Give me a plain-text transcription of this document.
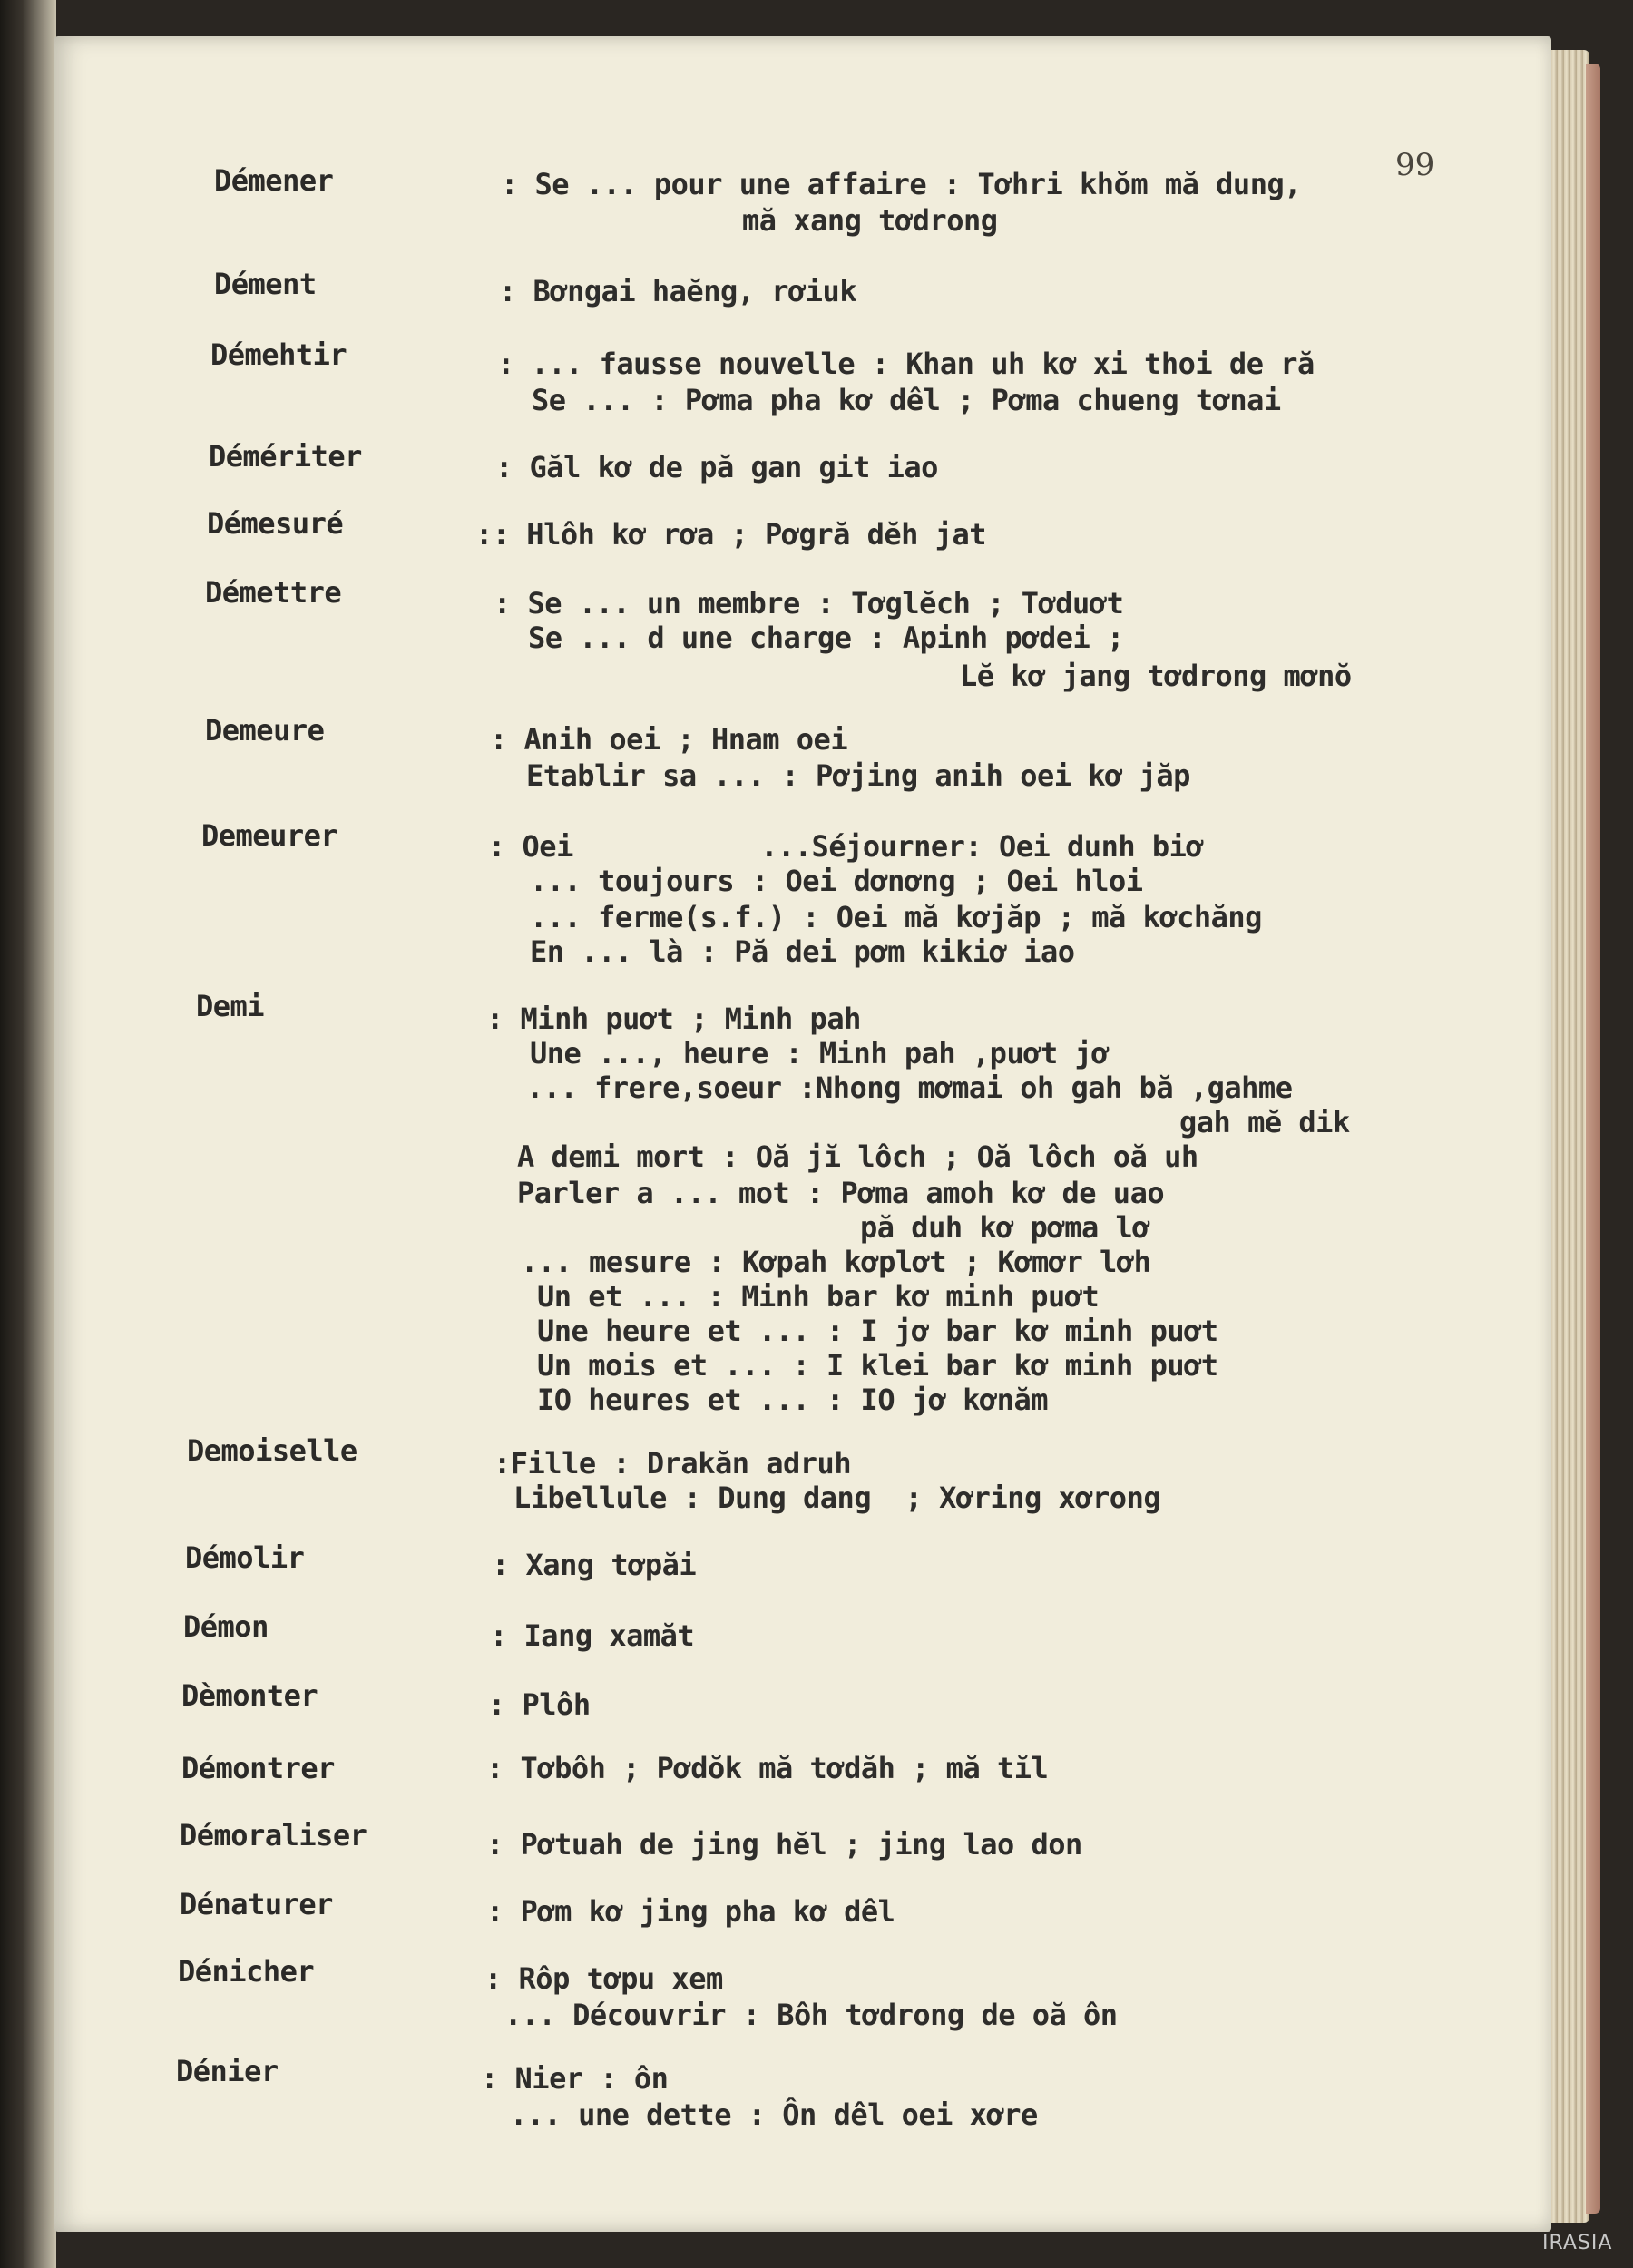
99
Démener	: Se ... pour une affaire : Tơhri khŏm mă dung,
mă xang tơdrong
Dément	: Bơngai haĕng, rơiuk
Démehtir	: ... fausse nouvelle : Khan uh kơ xi thoi de ră
Se ... : Pơma pha kơ dêl ; Pơma chueng tơnai
Démériter	: Găl kơ de pă gan git iao
Démesuré	:: Hlôh kơ rơa ; Pơgră dĕh jat
Démettre	: Se ... un membre : Tơglĕch ; Tơduơt
Se ... d une charge : Apinh pơdei ;
Lĕ kơ jang tơdrong mơnŏ
Demeure	: Anih oei ; Hnam oei
Etablir sa ... : Pơjing anih oei kơ jăp
Demeurer	: Oei           ...Séjourner: Oei dunh biơ
... toujours : Oei dơnơng ; Oei hloi
... ferme(s.f.) : Oei mă kơjăp ; mă kơchăng
En ... là : Pă dei pơm kikiơ iao
Demi	: Minh puơt ; Minh pah
Une ..., heure : Minh pah ,puơt jơ
... frere,soeur :Nhong mơmai oh gah bă ,gahme
gah mĕ dik
A demi mort : Oă jĭ lôch ; Oă lôch oă uh
Parler a ... mot : Pơma amoh kơ de uao
pă duh kơ pơma lơ
... mesure : Kơpah kơplơt ; Kơmơr lơh
Un et ... : Minh bar kơ minh puơt
Une heure et ... : I jơ bar kơ minh puơt
Un mois et ... : I klei bar kơ minh puơt
IO heures et ... : IO jơ kơnăm
Demoiselle	:Fille : Drakăn adruh
Libellule : Dung dang  ; Xơring xơrong
Démolir	: Xang tơpăi
Démon	: Iang xamăt
Dèmonter	: Plôh
Démontrer	: Tơbôh ; Pơdŏk mă tơdăh ; mă tĭl
Démoraliser	: Pơtuah de jing hĕl ; jing lao don
Dénaturer	: Pơm kơ jing pha kơ dêl
Dénicher	: Rôp tơpu xem
... Découvrir : Bôh tơdrong de oă ôn
Dénier	: Nier : ôn
... une dette : Ôn dêl oei xơre
IRASIA
